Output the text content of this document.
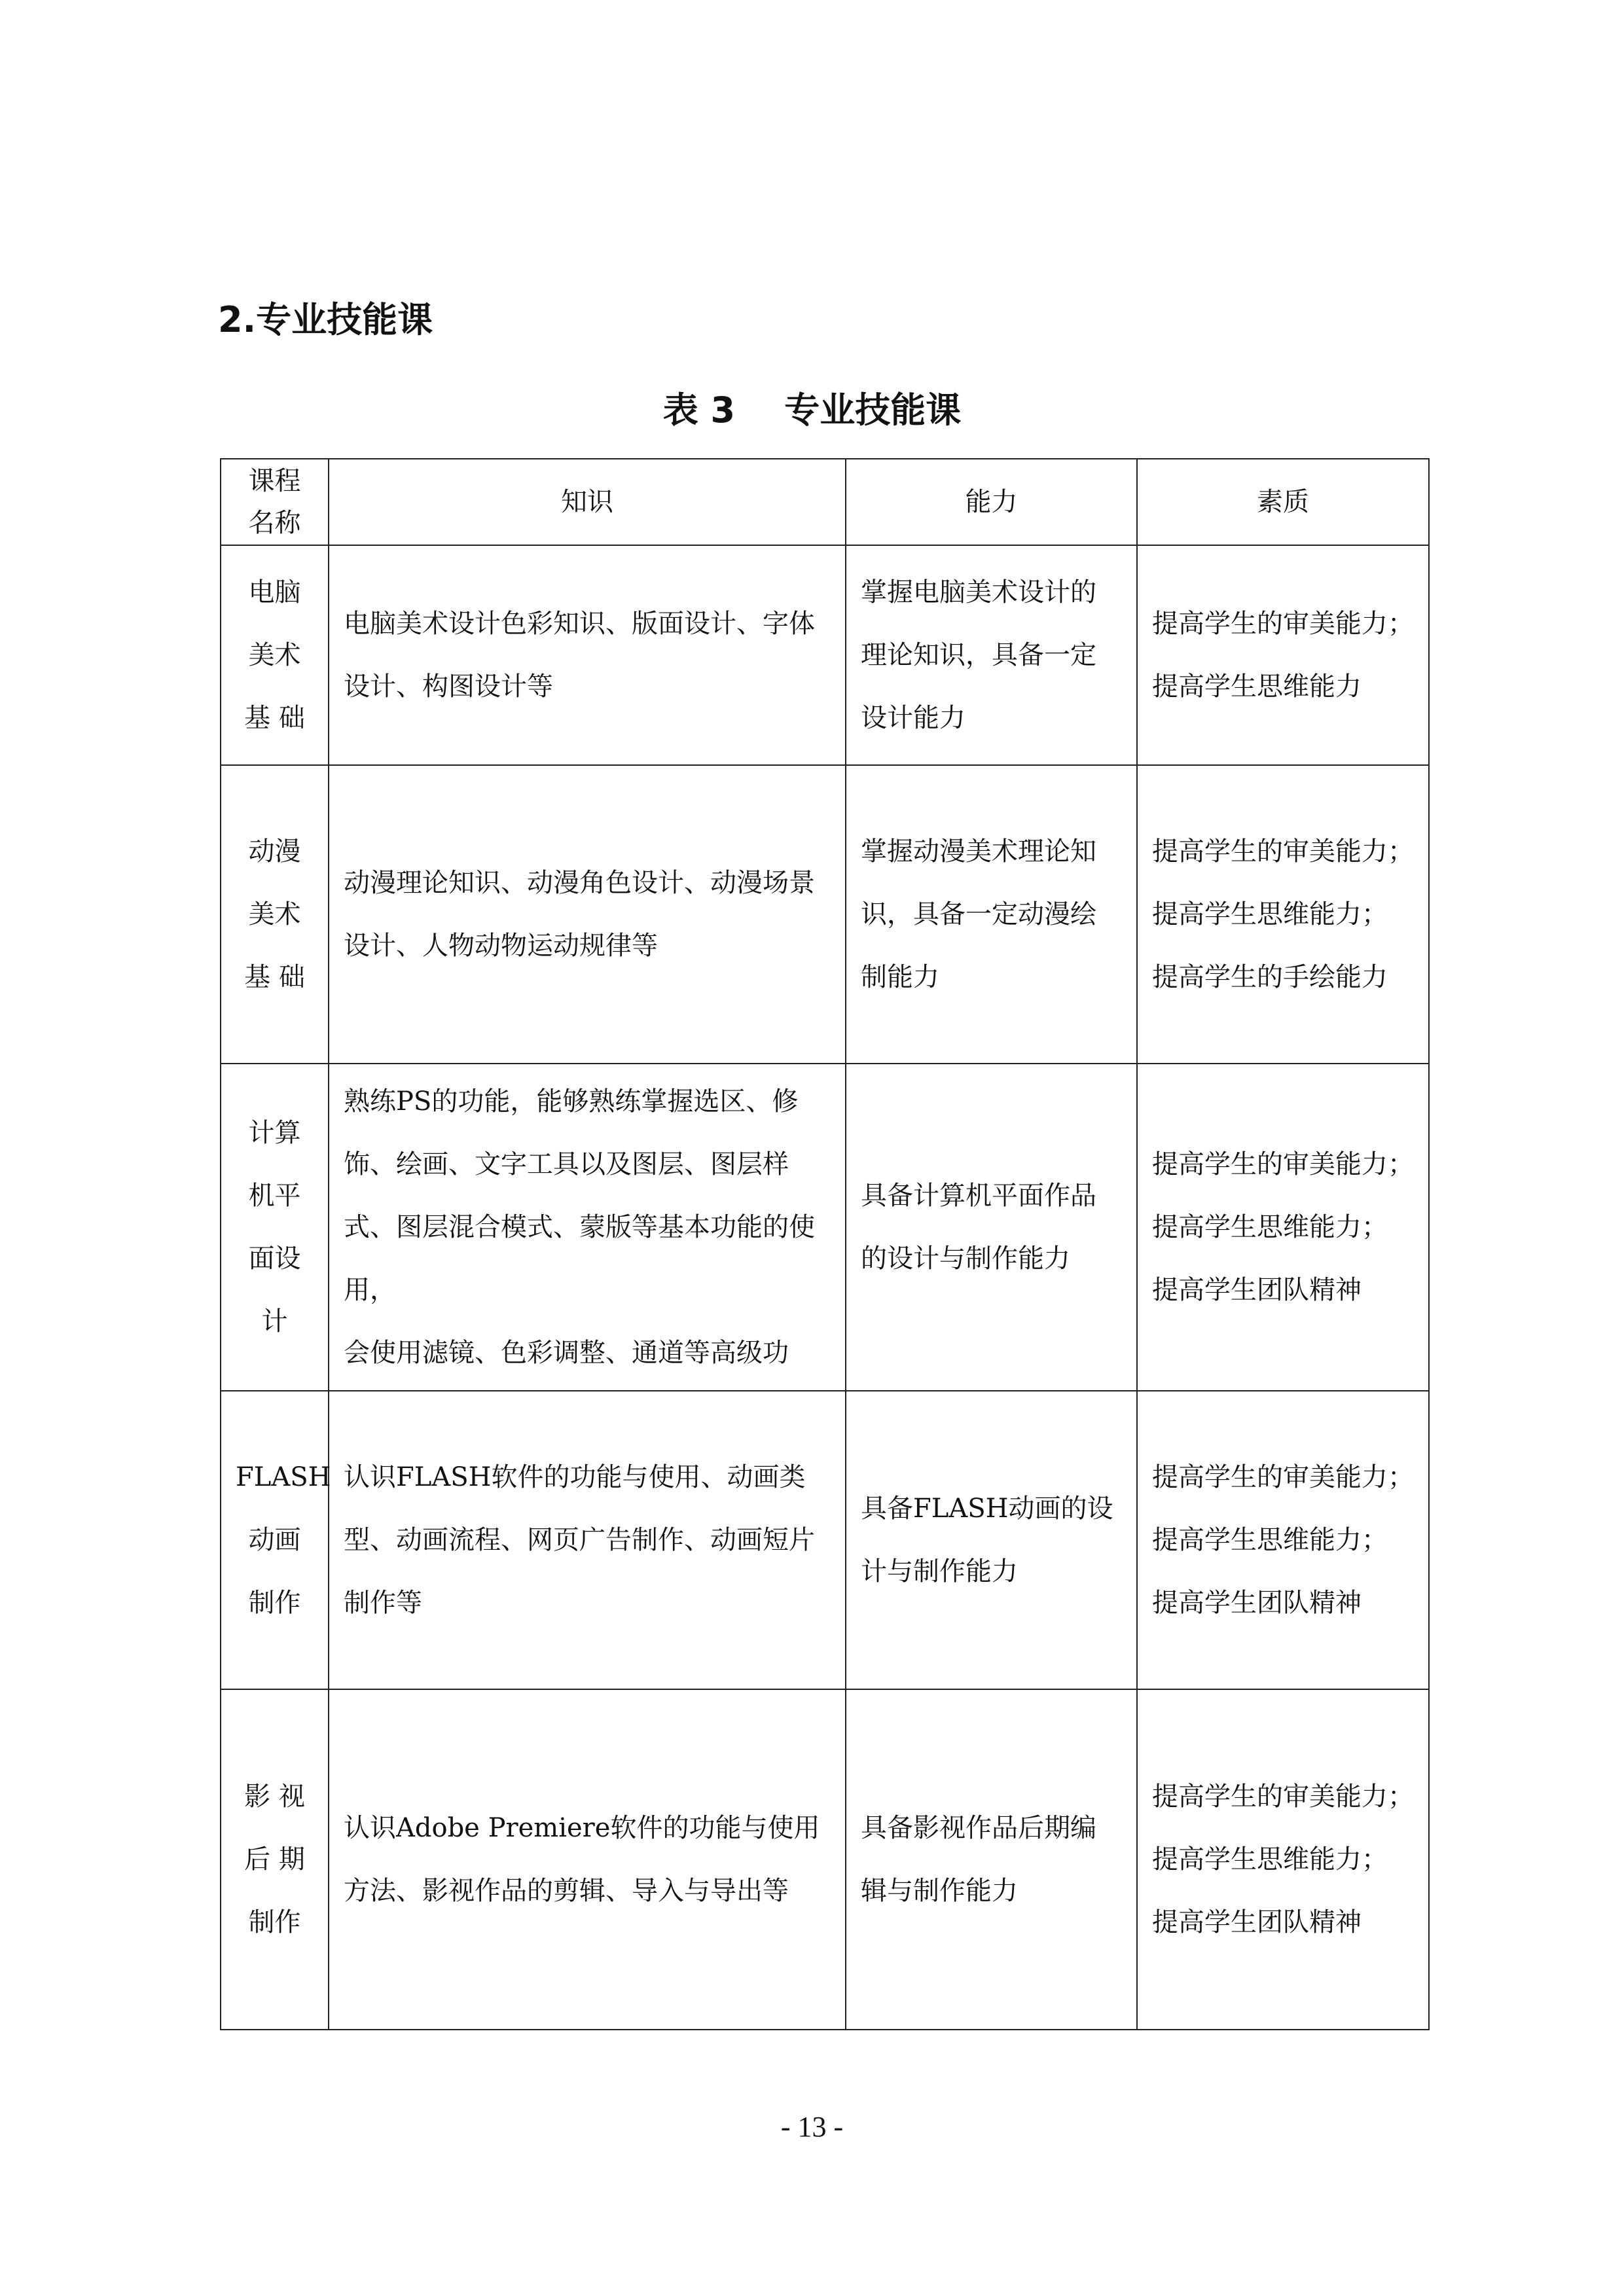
2.专业技能课
表 3    专业技能课
课程
名称	知识	能力	素质
电脑
美术
基 础	电脑美术设计色彩知识、版面设计、字体设计、构图设计等	掌握电脑美术设计的理论知识，具备一定设计能力	提高学生的审美能力；
提高学生思维能力
动漫
美术
基 础	动漫理论知识、动漫角色设计、动漫场景设计、人物动物运动规律等	掌握动漫美术理论知识，具备一定动漫绘制能力	提高学生的审美能力；
提高学生思维能力；
提高学生的手绘能力
计算
机平
面设
计	熟练PS的功能，能够熟练掌握选区、修饰、绘画、文字工具以及图层、图层样式、图层混合模式、蒙版等基本功能的使用，
会使用滤镜、色彩调整、通道等高级功	具备计算机平面作品的设计与制作能力	提高学生的审美能力；
提高学生思维能力；
提高学生团队精神
FLASH
动画
制作	认识FLASH软件的功能与使用、动画类型、动画流程、网页广告制作、动画短片制作等	具备FLASH动画的设计与制作能力	提高学生的审美能力；
提高学生思维能力；
提高学生团队精神
影 视
后 期
制作	认识Adobe Premiere软件的功能与使用方法、影视作品的剪辑、导入与导出等	具备影视作品后期编辑与制作能力	提高学生的审美能力；
提高学生思维能力；
提高学生团队精神
- 13 -
